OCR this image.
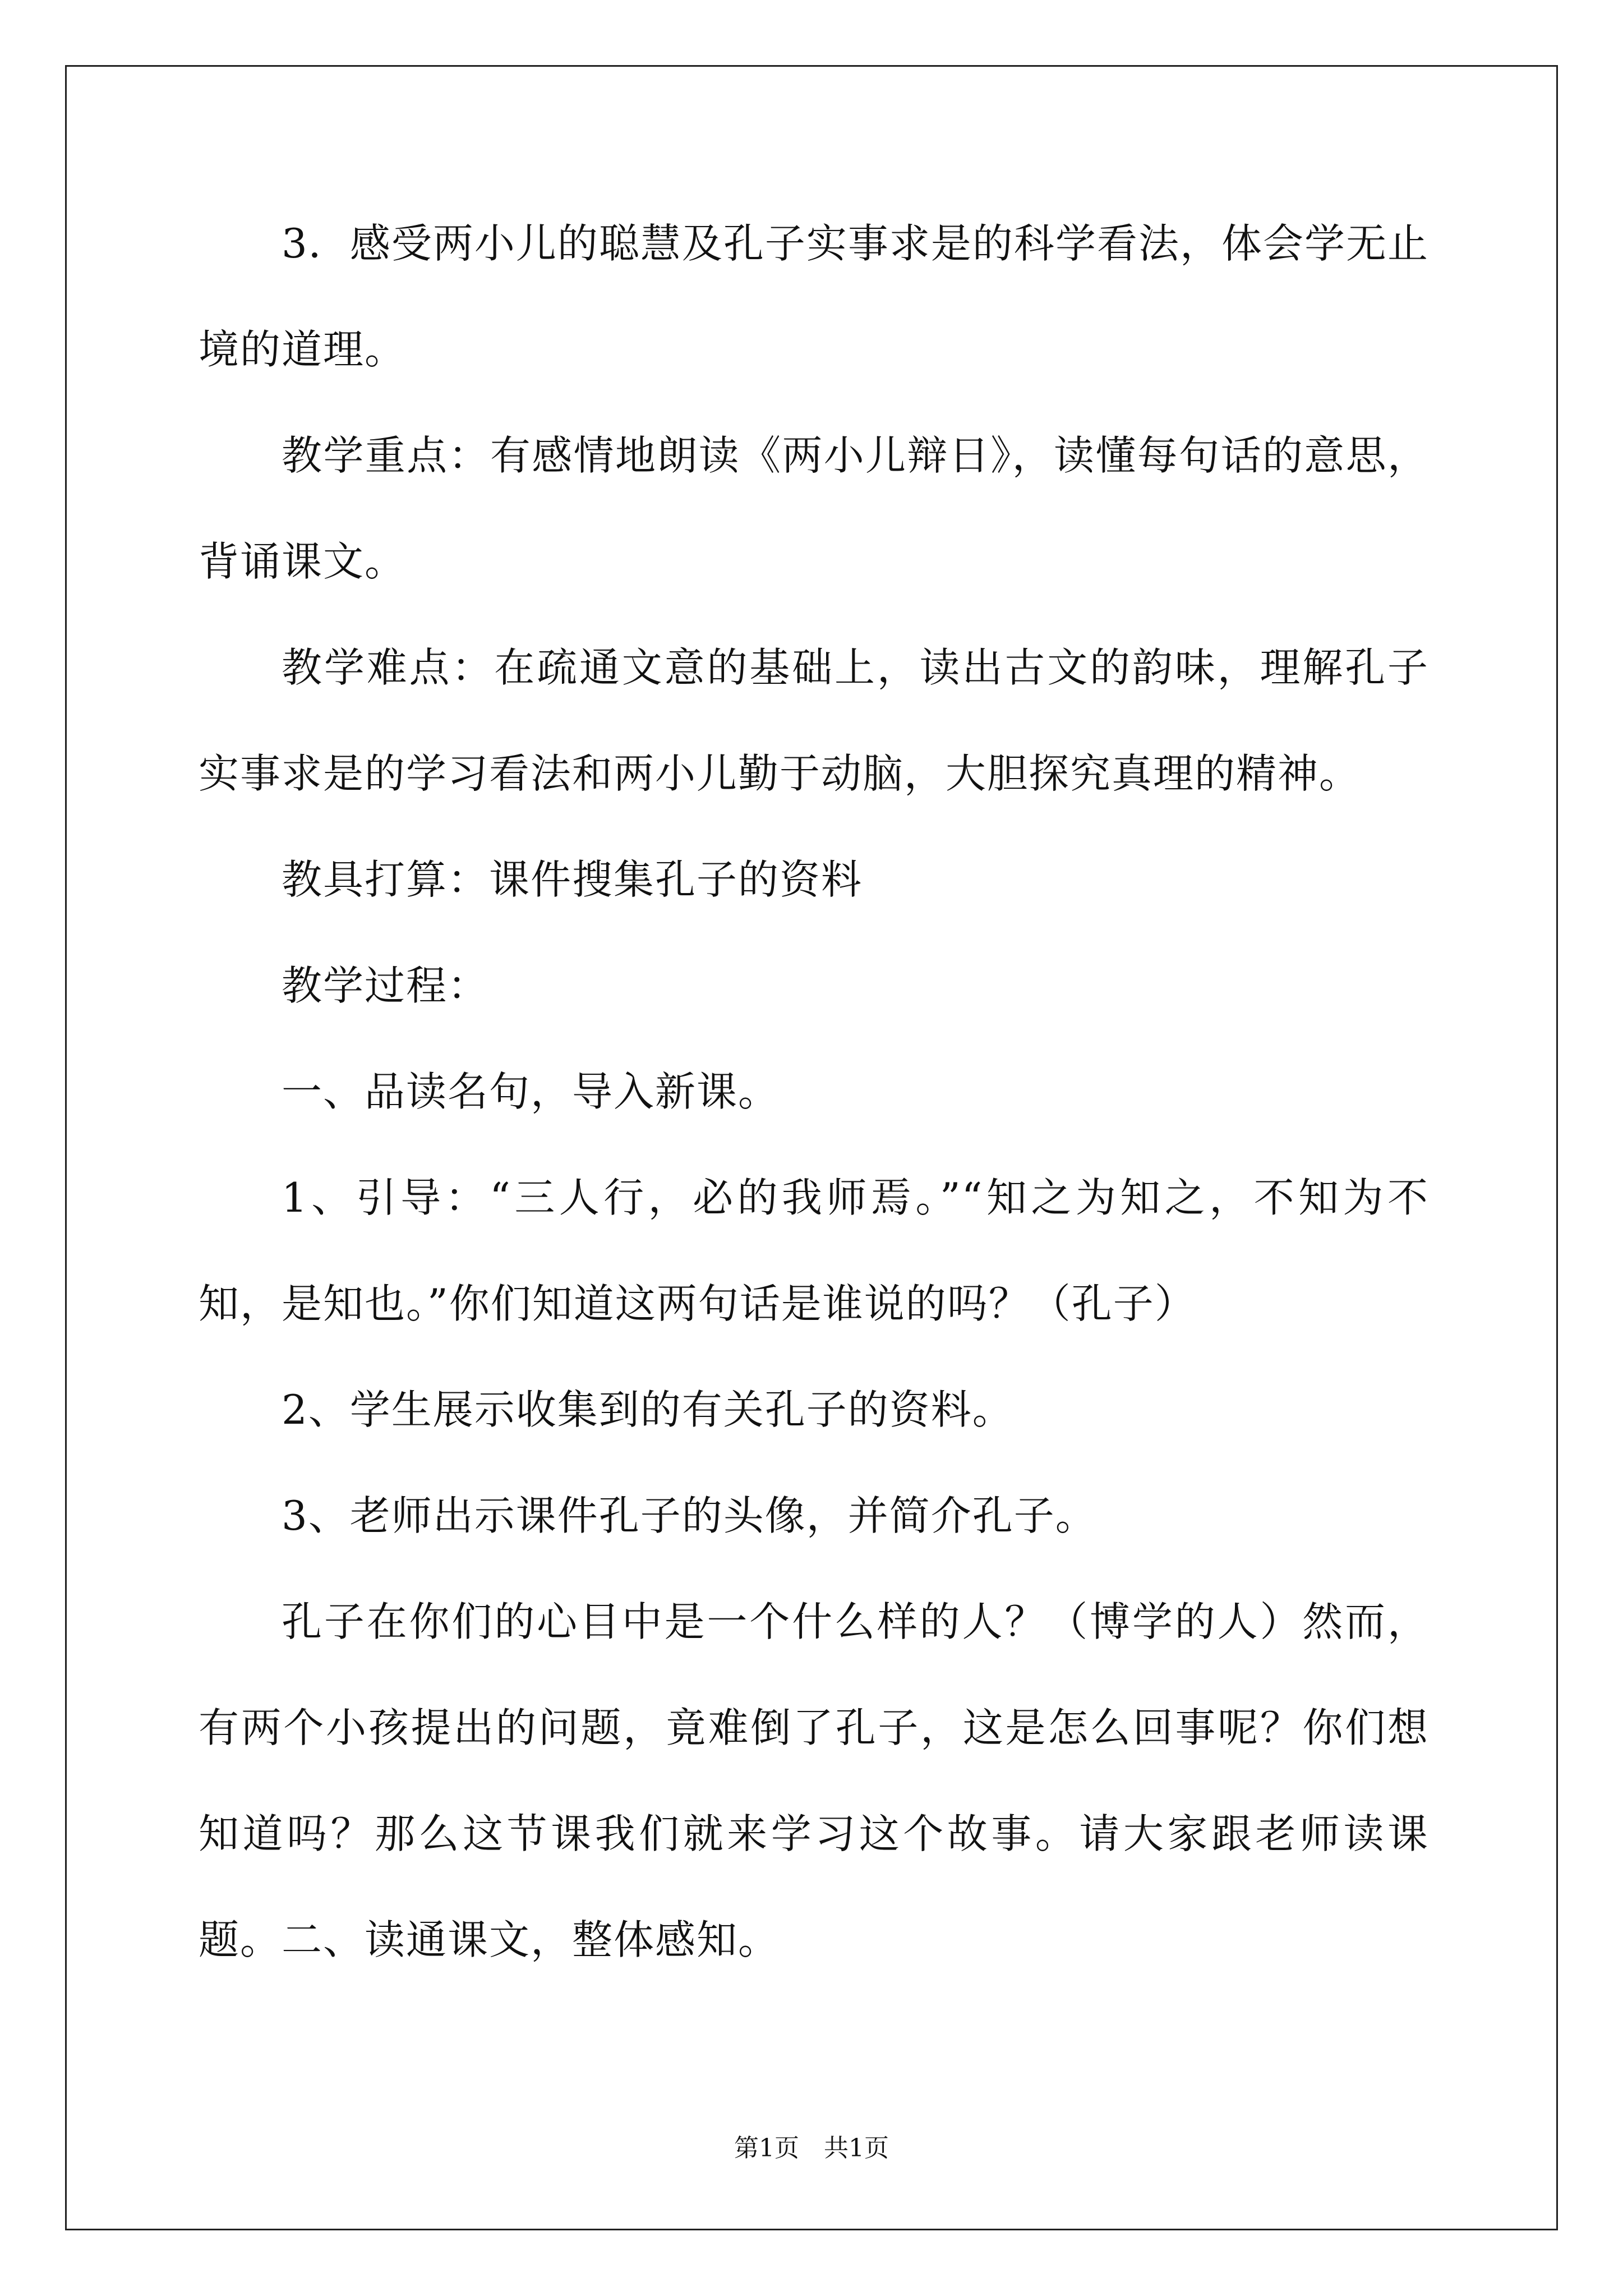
3．感受两小儿的聪慧及孔子实事求是的科学看法，体会学无止境的道理。

教学重点：有感情地朗读《两小儿辩日》，读懂每句话的意思，背诵课文。

教学难点：在疏通文意的基础上，读出古文的韵味，理解孔子实事求是的学习看法和两小儿勤于动脑，大胆探究真理的精神。

教具打算：课件搜集孔子的资料

教学过程：

一、品读名句，导入新课。

1、引导：“三人行，必的我师焉。”“知之为知之，不知为不知，是知也。”你们知道这两句话是谁说的吗？（孔子）

2、学生展示收集到的有关孔子的资料。

3、老师出示课件孔子的头像，并简介孔子。

孔子在你们的心目中是一个什么样的人？（博学的人）然而，有两个小孩提出的问题，竟难倒了孔子，这是怎么回事呢？你们想知道吗？那么这节课我们就来学习这个故事。请大家跟老师读课题。 二、读通课文，整体感知。

第1页　共1页
